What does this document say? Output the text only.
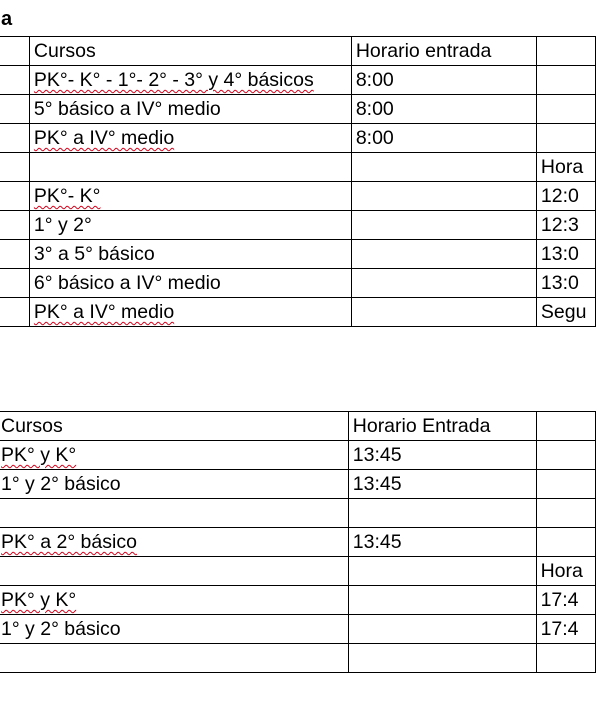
a
	Cursos	Horario entrada	
	PK°- K° - 1°- 2° - 3° y 4° básicos	8:00	
	5° básico a IV° medio	8:00	
	PK° a IV° medio	8:00	
			Hora
	PK°- K°		12:0
	1° y 2°		12:3
	3° a 5° básico		13:0
	6° básico a IV° medio		13:0
	PK° a IV° medio		Segu
Cursos	Horario Entrada	
PK° y K°	13:45	
1° y 2° básico	13:45	

PK° a 2° básico	13:45	
		Hora
PK° y K°		17:4
1° y 2° básico		17:4
